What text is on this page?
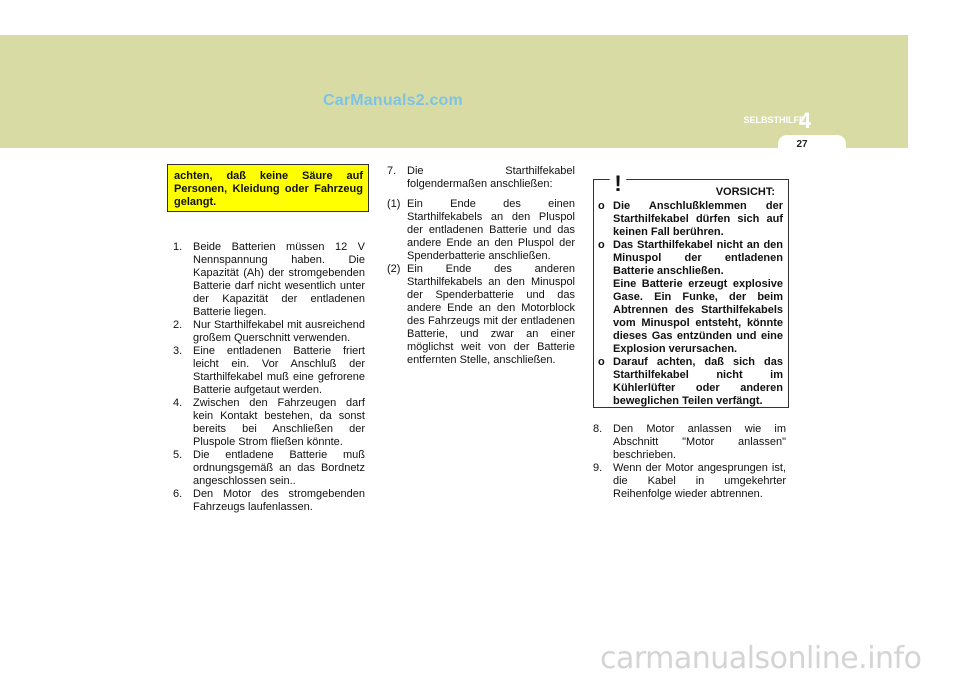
CarManuals2.com
SELBSTHILFE
4
27

achten, daß keine Säure auf Personen, Kleidung oder Fahrzeug gelangt.

1. Beide Batterien müssen 12 V Nennspannung haben. Die Kapazität (Ah) der stromgebenden Batterie darf nicht wesentlich unter der Kapazität der entladenen Batterie liegen.
2. Nur Starthilfekabel mit ausreichend großem Querschnitt verwenden.
3. Eine entladenen Batterie friert leicht ein. Vor Anschluß der Starthilfekabel muß eine gefrorene Batterie aufgetaut werden.
4. Zwischen den Fahrzeugen darf kein Kontakt bestehen, da sonst bereits bei Anschließen der Pluspole Strom fließen könnte.
5. Die entladene Batterie muß ordnungsgemäß an das Bordnetz angeschlossen sein..
6. Den Motor des stromgebenden Fahrzeugs laufenlassen.
7. Die Starthilfekabel folgendermaßen anschließen:
(1) Ein Ende des einen Starthilfekabels an den Pluspol der entladenen Batterie und das andere Ende an den Pluspol der Spenderbatterie anschließen.
(2) Ein Ende des anderen Starthilfekabels an den Minuspol der Spenderbatterie und das andere Ende an den Motorblock des Fahrzeugs mit der entladenen Batterie, und zwar an einer möglichst weit von der Batterie entfernten Stelle, anschließen.
VORSICHT:
o Die Anschlußklemmen der Starthilfekabel dürfen sich auf keinen Fall berühren.
o Das Starthilfekabel nicht an den Minuspol der entladenen Batterie anschließen.
Eine Batterie erzeugt explosive Gase. Ein Funke, der beim Abtrennen des Starthilfekabels vom Minuspol entsteht, könnte dieses Gas entzünden und eine Explosion verursachen.
o Darauf achten, daß sich das Starthilfekabel nicht im Kühlerlüfter oder anderen beweglichen Teilen verfängt.
!
8. Den Motor anlassen wie im Abschnitt "Motor anlassen" beschrieben.
9. Wenn der Motor angesprungen ist, die Kabel in umgekehrter Reihenfolge wieder abtrennen.
carmanualsonline.info
